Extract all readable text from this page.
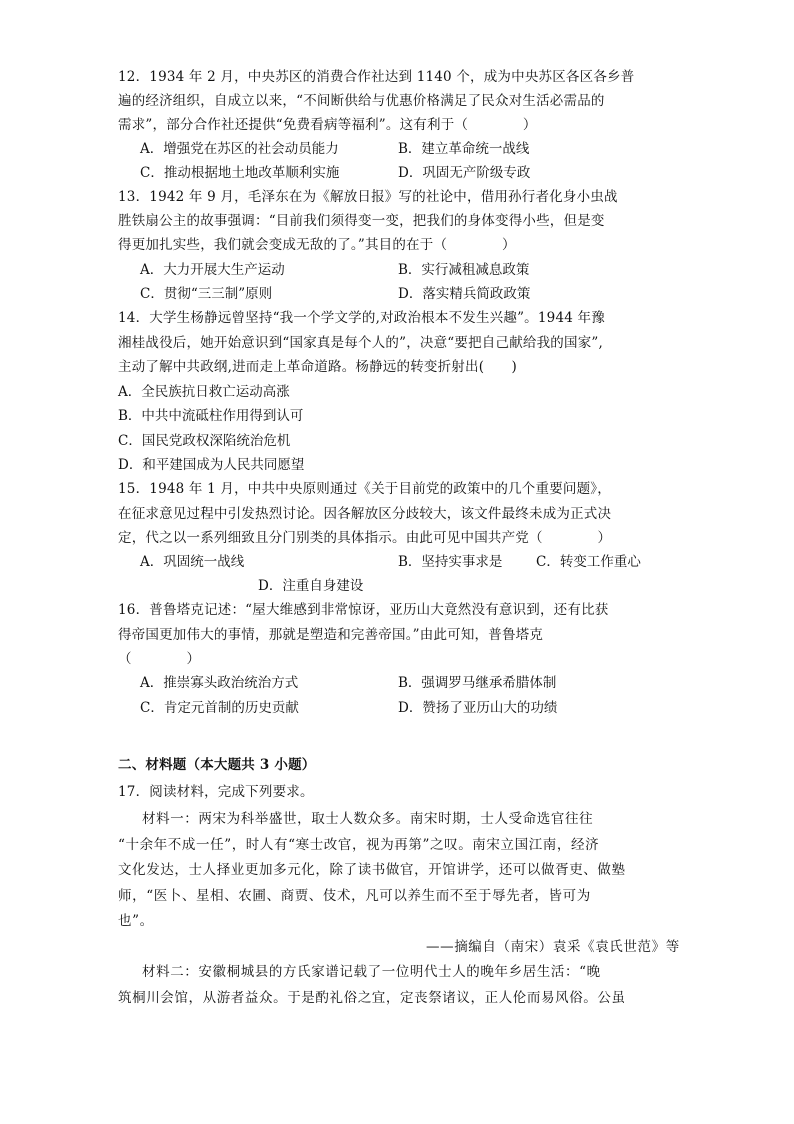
12．1934 年 2 月，中央苏区的消费合作社达到 1140 个，成为中央苏区各区各乡普
遍的经济组织，自成立以来，“不间断供给与优惠价格满足了民众对生活必需品的
需求”，部分合作社还提供“免费看病等福利”。这有利于（　　　　）
A．增强党在苏区的社会动员能力	B．建立革命统一战线
C．推动根据地土地改革顺利实施	D．巩固无产阶级专政
13．1942 年 9 月，毛泽东在为《解放日报》写的社论中，借用孙行者化身小虫战
胜铁扇公主的故事强调：“目前我们须得变一变，把我们的身体变得小些，但是变
得更加扎实些，我们就会变成无敌的了。”其目的在于（　　　　）
A．大力开展大生产运动	B．实行减租减息政策
C．贯彻“三三制”原则	D．落实精兵简政政策
14．大学生杨静远曾坚持“我一个学文学的,对政治根本不发生兴趣”。1944 年豫
湘桂战役后，她开始意识到“国家真是每个人的”，决意“要把自己献给我的国家”,
主动了解中共政纲,进而走上革命道路。杨静远的转变折射出(　　)
A．全民族抗日救亡运动高涨
B．中共中流砥柱作用得到认可
C．国民党政权深陷统治危机
D．和平建国成为人民共同愿望
15．1948 年 1 月，中共中央原则通过《关于目前党的政策中的几个重要问题》，
在征求意见过程中引发热烈讨论。因各解放区分歧较大，该文件最终未成为正式决
定，代之以一系列细致且分门别类的具体指示。由此可见中国共产党（　　　　）
A．巩固统一战线	B．坚持实事求是 C．转变工作重心
D．注重自身建设
16．普鲁塔克记述：“屋大维感到非常惊讶，亚历山大竟然没有意识到，还有比获
得帝国更加伟大的事情，那就是塑造和完善帝国。”由此可知，普鲁塔克
（　　　　）
A．推崇寡头政治统治方式	B．强调罗马继承希腊体制
C．肯定元首制的历史贡献	D．赞扬了亚历山大的功绩
二、材料题（本大题共 3 小题）
17．阅读材料，完成下列要求。
材料一：两宋为科举盛世，取士人数众多。南宋时期，士人受命选官往往
“十余年不成一任”，时人有“寒士改官，视为再第”之叹。南宋立国江南，经济
文化发达，士人择业更加多元化，除了读书做官，开馆讲学，还可以做胥吏、做塾
师，“医卜、星相、农圃、商贾、伎术，凡可以养生而不至于辱先者，皆可为
也”。
——摘编自（南宋）袁采《袁氏世范》等
材料二：安徽桐城县的方氏家谱记载了一位明代士人的晚年乡居生活：“晚
筑桐川会馆，从游者益众。于是酌礼俗之宜，定丧祭诸议，正人伦而易风俗。公虽
